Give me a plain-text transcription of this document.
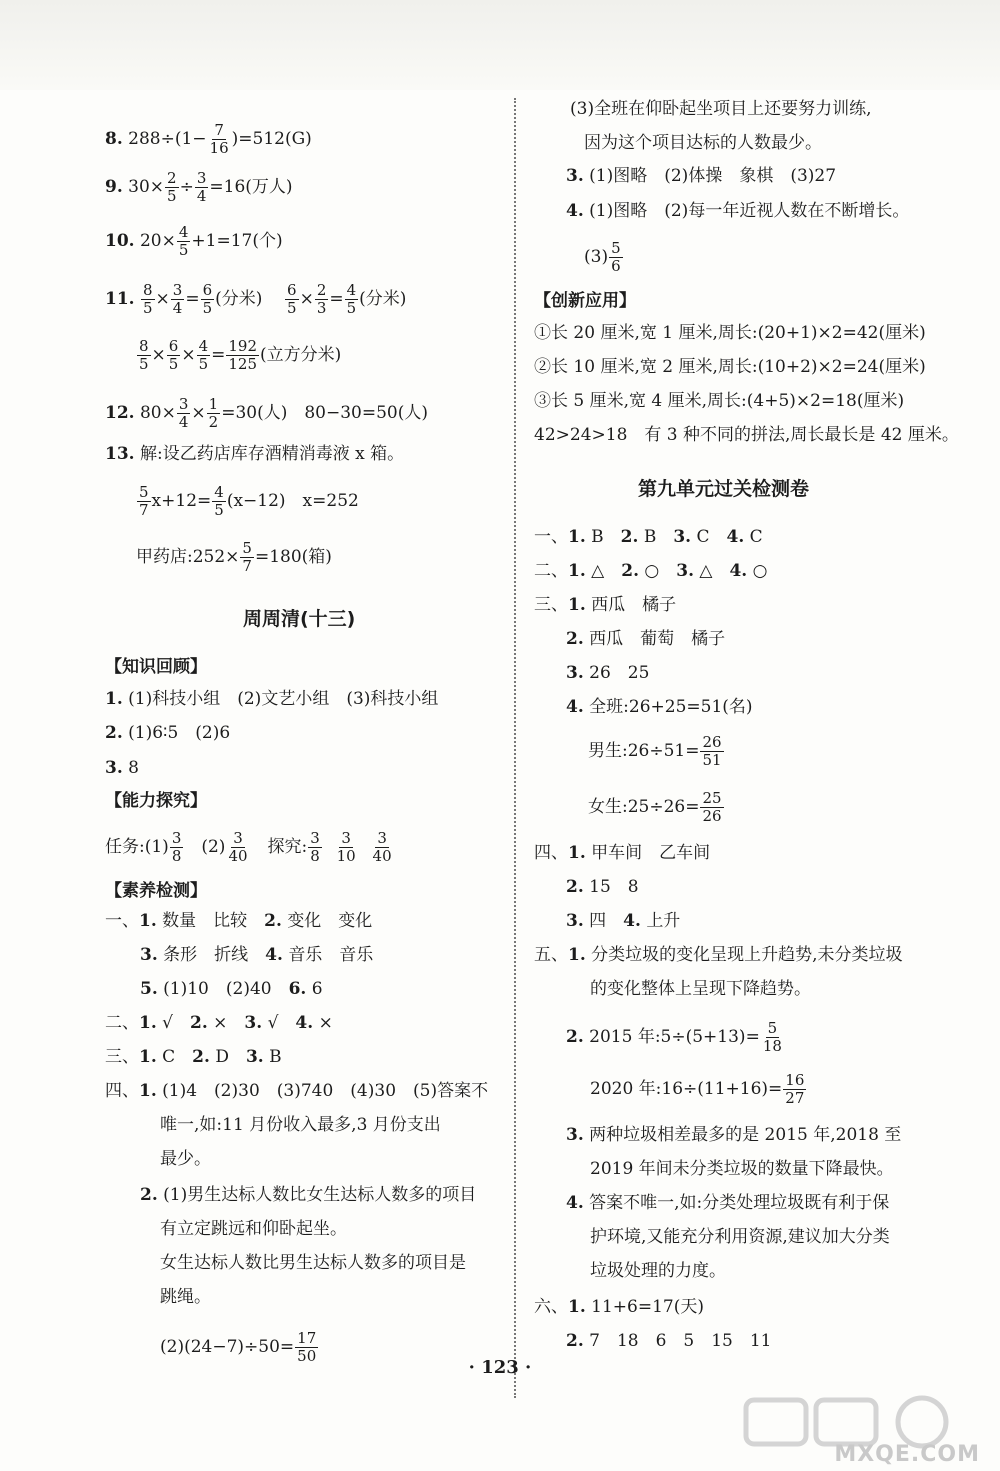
8. $288\div(1- \frac{7}{16} )=512(G)$
9. $30\times \frac{2}{5} \div \frac{3}{4} =16$(万人)
10. $20\times \frac{4}{5} +1=17$(个)
11. $\frac{8}{5} \times \frac{3}{4} = \frac{6}{5}$ (分米) $\frac{6}{5} \times \frac{2}{3} = \frac{4}{5}$ (分米)
$\frac{8}{5} \times \frac{6}{5} \times \frac{4}{5} = \frac{192}{125}$ (立方分米)
12. $80\times \frac{3}{4} \times \frac{1}{2} =30$(人)　80−30=50(人)
13. 解:设乙药店库存酒精消毒液 x 箱。
$\frac{5}{7} x+12= \frac{4}{5} (x-12)$　x=252
甲药店:252× $\frac{5}{7} =180$(箱)
周周清(十三)
【知识回顾】
1. (1)科技小组　(2)文艺小组　(3)科技小组
2. (1)6∶5　(2)6
3. 8
【能力探究】
任务:(1) $\frac{3}{8}$ 　$(2) \frac{3}{40}$ 　探究: $\frac{3}{8}$
$\frac{3}{10}$
$\frac{3}{40}$
【素养检测】
一、1. 数量　比较　2. 变化　变化
3. 条形　折线　4. 音乐　音乐
5. (1)10　(2)40　6. 6
二、1. √　2. ×　3. √　4. ×
三、1. C　2. D　3. B
四、1. (1)4　(2)30　(3)740　(4)30　(5)答案不
唯一,如:11 月份收入最多,3 月份支出
最少。
2. (1)男生达标人数比女生达标人数多的项目
有立定跳远和仰卧起坐。
女生达标人数比男生达标人数多的项目是
跳绳。
$(2)(24-7)\div 50= \frac{17}{50}$
(3)全班在仰卧起坐项目上还要努力训练,
因为这个项目达标的人数最少。
3. (1)图略　(2)体操　象棋　(3)27
4. (1)图略　(2)每一年近视人数在不断增长。
$(3) \frac{5}{6}$
【创新应用】
①长 20 厘米,宽 1 厘米,周长:(20+1)×2=42(厘米)
②长 10 厘米,宽 2 厘米,周长:(10+2)×2=24(厘米)
③长 5 厘米,宽 4 厘米,周长:(4+5)×2=18(厘米)
42>24>18　有 3 种不同的拼法,周长最长是 42 厘米。
第九单元过关检测卷
一、1. B　2. B　3. C　4. C
二、1. △　2. ○　3. △　4. ○
三、1. 西瓜　橘子
2. 西瓜　葡萄　橘子
3. 26　25
4. 全班:26+25=51(名)
男生:26÷51= $\frac{26}{51}$
女生:25÷26= $\frac{25}{26}$
四、1. 甲车间　乙车间
2. 15　8
3. 四　4. 上升
五、1. 分类垃圾的变化呈现上升趋势,未分类垃圾
的变化整体上呈现下降趋势。
2. 2015 年:5÷(5+13)= $\frac{5}{18}$
2020 年:16÷(11+16)= $\frac{16}{27}$
3. 两种垃圾相差最多的是 2015 年,2018 至
2019 年间未分类垃圾的数量下降最快。
4. 答案不唯一,如:分类处理垃圾既有利于保
护环境,又能充分利用资源,建议加大分类
垃圾处理的力度。
六、1. 11+6=17(天)
2. 7　18　6　5　15　11
· 123 ·
MXQE.COM
